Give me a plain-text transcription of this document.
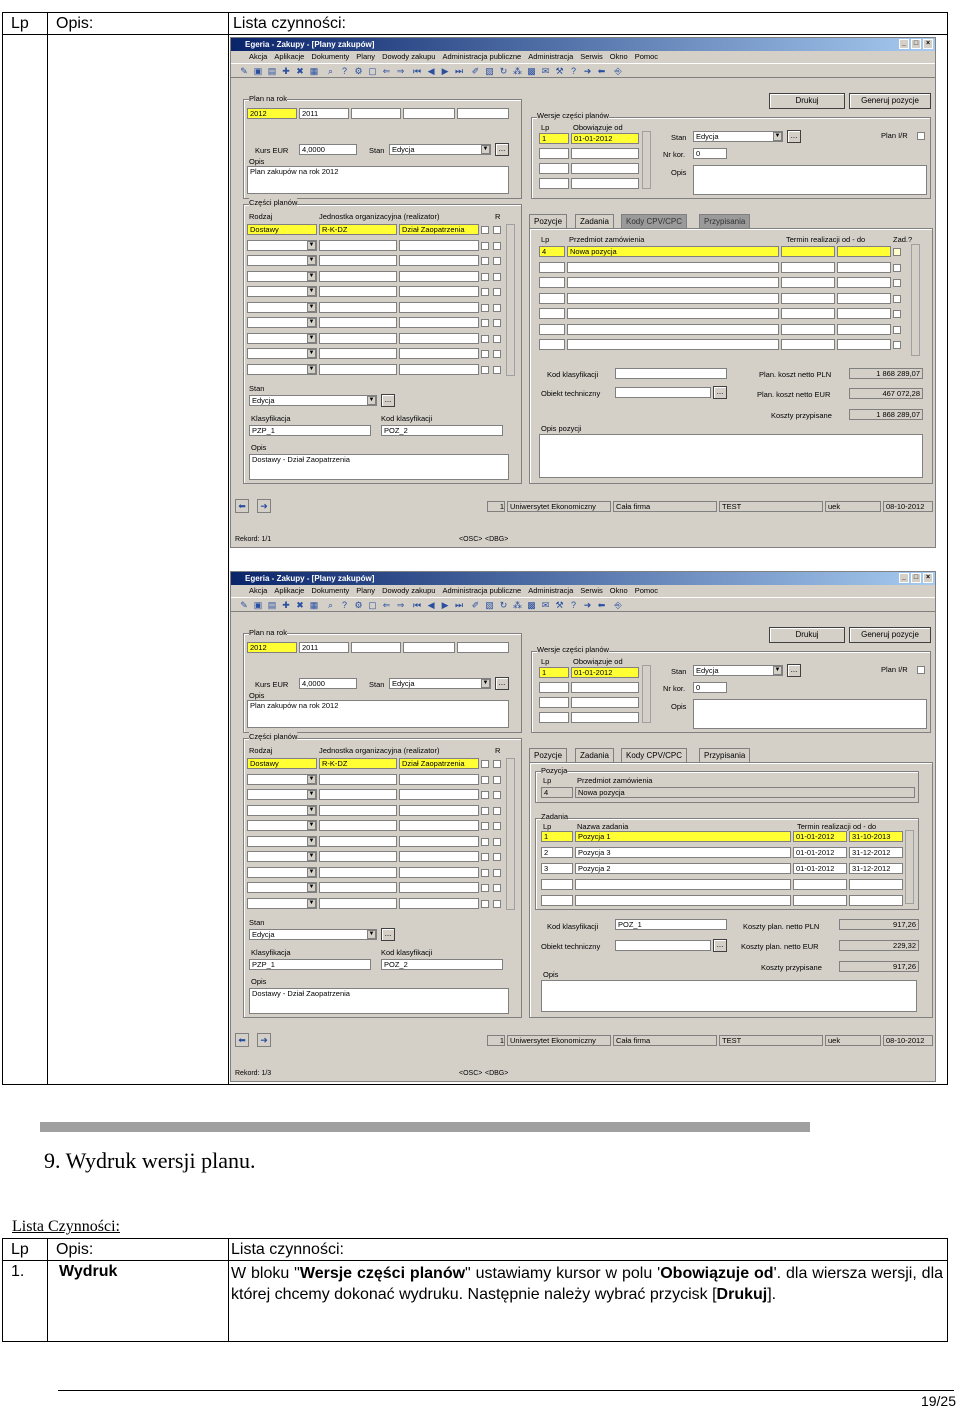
Lp Opis:	Lista czynności:
Egeria - Zakupy - [Plany zakupów]	_	□	×
Akcja Aplikacje Dokumenty Plany Dowody zakupu Administracja publiczne Administracja Serwis Okno Pomoc
✎ ▣ ▤ ✚ ✖ ▦ ⌕ ? ⚙ ▢ ⇐ ⇒ ⏮ ◀ ▶ ⏭ ✐ ▧ ↻ ⁂ ▩ ✉ ⚒ ? ➜ ⬅ ⎆
Plan na rok
2012	2011
Kurs EUR	4,0000	Stan	Edycja	▼	...
Opis
Plan zakupów na rok 2012
Drukuj	Generuj pozycje
Wersje części planów
Lp	Obowiązuje od
1	01-01-2012	Stan	Edycja	▼	...
Nr kor.	0
Opis
Plan I/R
Części planów
Rodzaj	Jednostka organizacyjna (realizator)	R
Dostawy	R-K-DZ	Dział Zaopatrzenia
▼
▼
▼
▼
▼
▼
▼
▼
▼
Stan
Edycja	▼	...
Klasyfikacja	Kod klasyfikacji
PZP_1	POZ_2
Opis
Dostawy - Dział Zaopatrzenia
Pozycje	Zadania	Kody CPV/CPC	Przypisania
Lp	Przedmiot zamówienia	Termin realizacji od - do	Zad.?
4	Nowa pozycja
Kod klasyfikacji
Obiekt techniczny	...
Plan. koszt netto PLN	1 868 289,07
Plan. koszt netto EUR	467 072,28
Koszty przypisane	1 868 289,07
Opis pozycji
⬅	➜	1 Uniwersytet Ekonomiczny	Cała firma	TEST	uek	08-10-2012
Rekord: 1/1	<OSC> <DBG>
Egeria - Zakupy - [Plany zakupów]	_	□	×
Akcja Aplikacje Dokumenty Plany Dowody zakupu Administracja publiczne Administracja Serwis Okno Pomoc
✎ ▣ ▤ ✚ ✖ ▦ ⌕ ? ⚙ ▢ ⇐ ⇒ ⏮ ◀ ▶ ⏭ ✐ ▧ ↻ ⁂ ▩ ✉ ⚒ ? ➜ ⬅ ⎆
Plan na rok
2012	2011
Kurs EUR	4,0000	Stan	Edycja	▼	...
Opis
Plan zakupów na rok 2012
Drukuj	Generuj pozycje
Wersje części planów
Lp	Obowiązuje od
1	01-01-2012	Stan	Edycja	▼	...
Nr kor.	0
Opis
Plan I/R
Części planów
Rodzaj	Jednostka organizacyjna (realizator)	R
Dostawy	R-K-DZ	Dział Zaopatrzenia
▼
▼
▼
▼
▼
▼
▼
▼
▼
Stan
Edycja	▼	...
Klasyfikacja	Kod klasyfikacji
PZP_1	POZ_2
Opis
Dostawy - Dział Zaopatrzenia
Pozycje	Zadania	Kody CPV/CPC	Przypisania
Pozycja
Lp	Przedmiot zamówienia
4	Nowa pozycja
Zadania
Lp	Nazwa zadania	Termin realizacji od - do
1	Pozycja 1	01-01-2012	31-10-2013
2	Pozycja 3	01-01-2012	31-12-2012
3	Pozycja 2	01-01-2012	31-12-2012
Kod klasyfikacji	POZ_1
Obiekt techniczny	...
Koszty plan. netto PLN	917,26
Koszty plan. netto EUR	229,32
Koszty przypisane	917,26
Opis
⬅	➜	1 Uniwersytet Ekonomiczny	Cała firma	TEST	uek	08-10-2012
Rekord: 1/3	<OSC> <DBG>
9. Wydruk wersji planu.
Lista Czynności:
Lp Opis:	Lista czynności:
1. Wydruk	W bloku "Wersje części planów" ustawiamy kursor w polu 'Obowiązuje od'. dla wiersza wersji, dla której chcemy dokonać wydruku. Następnie należy wybrać przycisk [Drukuj].
19/25
